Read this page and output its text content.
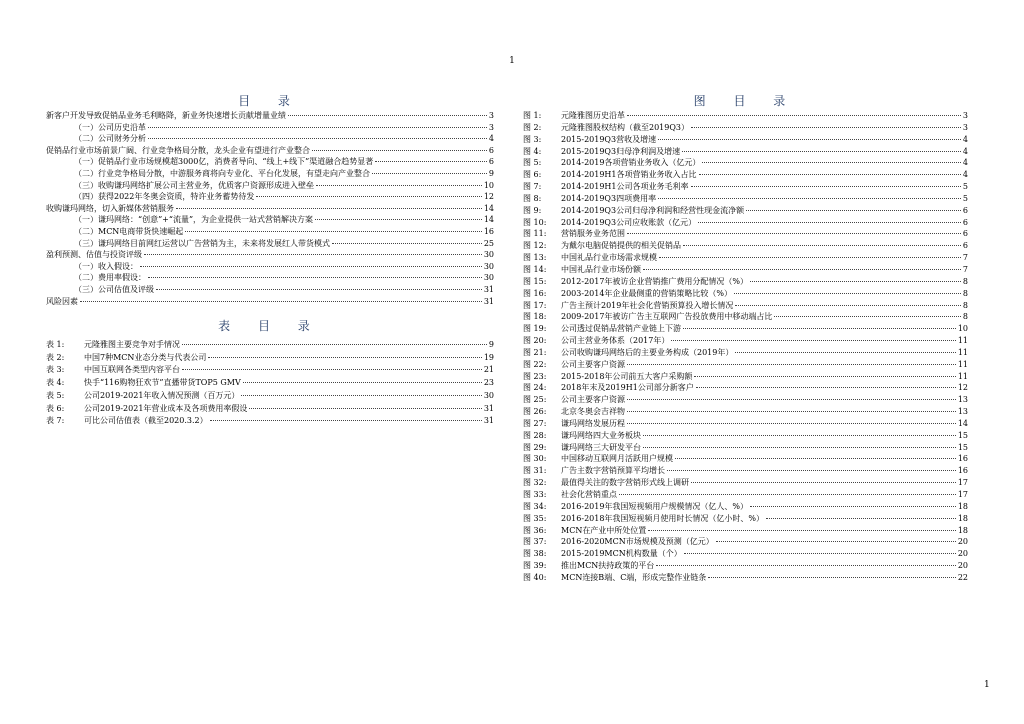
1
目 录
新客户开发导致促销品业务毛利略降，新业务快速增长贡献增量业绩	3
（一）公司历史沿革	3
（二）公司财务分析	4
促销品行业市场前景广阔、行业竞争格局分散，龙头企业有望进行产业整合	6
（一）促销品行业市场规模超3000亿，消费者导向、“线上+线下”渠道融合趋势显著	6
（二）行业竞争格局分散，中游服务商将向专业化、平台化发展，有望走向产业整合	9
（三）收购谦玛网络扩展公司主营业务，优质客户资源形成进入壁垒	10
（四）获得2022年冬奥会资质，特许业务蓄势待发	12
收购谦玛网络，切入新媒体营销服务	14
（一）谦玛网络：“创意”+“流量”，为企业提供一站式营销解决方案	14
（二）MCN电商带货快速崛起	16
（三）谦玛网络目前网红运营以广告营销为主，未来将发展红人带货模式	25
盈利预测、估值与投资评级	30
（一）收入假设：	30
（二）费用率假设：	30
（三）公司估值及评级	31
风险因素	31
表 目 录
表 1:	元隆雅图主要竞争对手情况	9
表 2:	中国7种MCN业态分类与代表公司	19
表 3:	中国互联网各类型内容平台	21
表 4:	快手“116购物狂欢节”直播带货TOP5 GMV	23
表 5:	公司2019-2021年收入情况预测（百万元）	30
表 6:	公司2019-2021年营业成本及各项费用率假设	31
表 7:	可比公司估值表（截至2020.3.2）	31
图 目 录
图 1:	元隆雅图历史沿革	3
图 2:	元隆雅图股权结构（截至2019Q3）	3
图 3:	2015-2019Q3营收及增速	4
图 4:	2015-2019Q3归母净利润及增速	4
图 5:	2014-2019各项营销业务收入（亿元）	4
图 6:	2014-2019H1各项营销业务收入占比	4
图 7:	2014-2019H1公司各项业务毛利率	5
图 8:	2014-2019Q3四项费用率	5
图 9:	2014-2019Q3公司归母净利润和经营性现金流净额	6
图 10:	2014-2019Q3公司应收账款（亿元）	6
图 11:	营销服务业务范围	6
图 12:	为戴尔电脑促销提供的相关促销品	6
图 13:	中国礼品行业市场需求规模	7
图 14:	中国礼品行业市场份额	7
图 15:	2012-2017年被访企业营销推广费用分配情况（%）	8
图 16:	2003-2014年企业最侧重的营销策略比较（%）	8
图 17:	广告主预计2019年社会化营销预算投入增长情况	8
图 18:	2009-2017年被访广告主互联网广告投放费用中移动端占比	8
图 19:	公司透过促销品营销产业链上下游	10
图 20:	公司主营业务体系（2017年）	11
图 21:	公司收购谦玛网络后的主要业务构成（2019年）	11
图 22:	公司主要客户资源	11
图 23:	2015-2018年公司前五大客户采购额	11
图 24:	2018年末及2019H1公司部分新客户	12
图 25:	公司主要客户资源	13
图 26:	北京冬奥会吉祥物	13
图 27:	谦玛网络发展历程	14
图 28:	谦玛网络四大业务板块	15
图 29:	谦玛网络三大研发平台	15
图 30:	中国移动互联网月活跃用户规模	16
图 31:	广告主数字营销预算平均增长	16
图 32:	最值得关注的数字营销形式线上调研	17
图 33:	社会化营销重点	17
图 34:	2016-2019年我国短视频用户规模情况（亿人、%）	18
图 35:	2016-2018年我国短视频月使用时长情况（亿小时、%）	18
图 36:	MCN在产业中所处位置	18
图 37:	2016-2020MCN市场规模及预测（亿元）	20
图 38:	2015-2019MCN机构数量（个）	20
图 39:	推出MCN扶持政策的平台	20
图 40:	MCN连接B端、C端，形成完整作业链条	22
1
